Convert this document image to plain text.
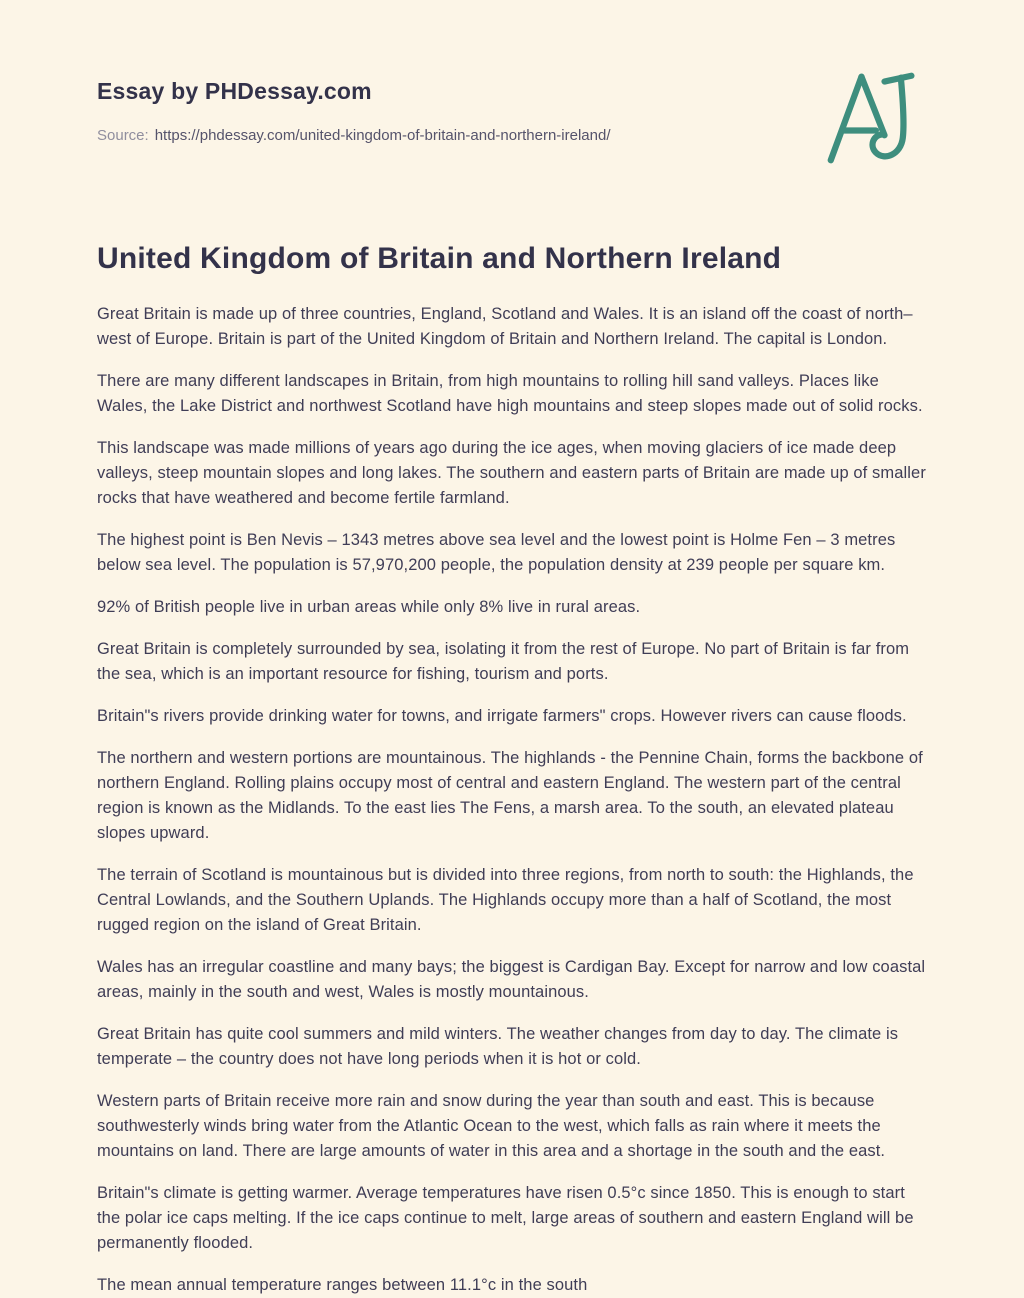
Essay by PHDessay.com
Source: https://phdessay.com/united-kingdom-of-britain-and-northern-ireland/
United Kingdom of Britain and Northern Ireland

Great Britain is made up of three countries, England, Scotland and Wales. It is an island off the coast of north–west of Europe. Britain is part of the United Kingdom of Britain and Northern Ireland. The capital is London.

There are many different landscapes in Britain, from high mountains to rolling hill sand valleys. Places like Wales, the Lake District and northwest Scotland have high mountains and steep slopes made out of solid rocks.

This landscape was made millions of years ago during the ice ages, when moving glaciers of ice made deep valleys, steep mountain slopes and long lakes. The southern and eastern parts of Britain are made up of smaller rocks that have weathered and become fertile farmland.

The highest point is Ben Nevis – 1343 metres above sea level and the lowest point is Holme Fen – 3 metres below sea level. The population is 57,970,200 people, the population density at 239 people per square km.

92% of British people live in urban areas while only 8% live in rural areas.

Great Britain is completely surrounded by sea, isolating it from the rest of Europe. No part of Britain is far from the sea, which is an important resource for fishing, tourism and ports.

Britain"s rivers provide drinking water for towns, and irrigate farmers" crops. However rivers can cause floods.

The northern and western portions are mountainous. The highlands - the Pennine Chain, forms the backbone of northern England. Rolling plains occupy most of central and eastern England. The western part of the central region is known as the Midlands. To the east lies The Fens, a marsh area. To the south, an elevated plateau slopes upward.

The terrain of Scotland is mountainous but is divided into three regions, from north to south: the Highlands, the Central Lowlands, and the Southern Uplands. The Highlands occupy more than a half of Scotland, the most rugged region on the island of Great Britain.

Wales has an irregular coastline and many bays; the biggest is Cardigan Bay. Except for narrow and low coastal areas, mainly in the south and west, Wales is mostly mountainous.

Great Britain has quite cool summers and mild winters. The weather changes from day to day. The climate is temperate – the country does not have long periods when it is hot or cold.

Western parts of Britain receive more rain and snow during the year than south and east. This is because southwesterly winds bring water from the Atlantic Ocean to the west, which falls as rain where it meets the mountains on land. There are large amounts of water in this area and a shortage in the south and the east.

Britain"s climate is getting warmer. Average temperatures have risen 0.5°c since 1850. This is enough to start the polar ice caps melting. If the ice caps continue to melt, large areas of southern and eastern England will be permanently flooded.

The mean annual temperature ranges between 11.1°c in the south
